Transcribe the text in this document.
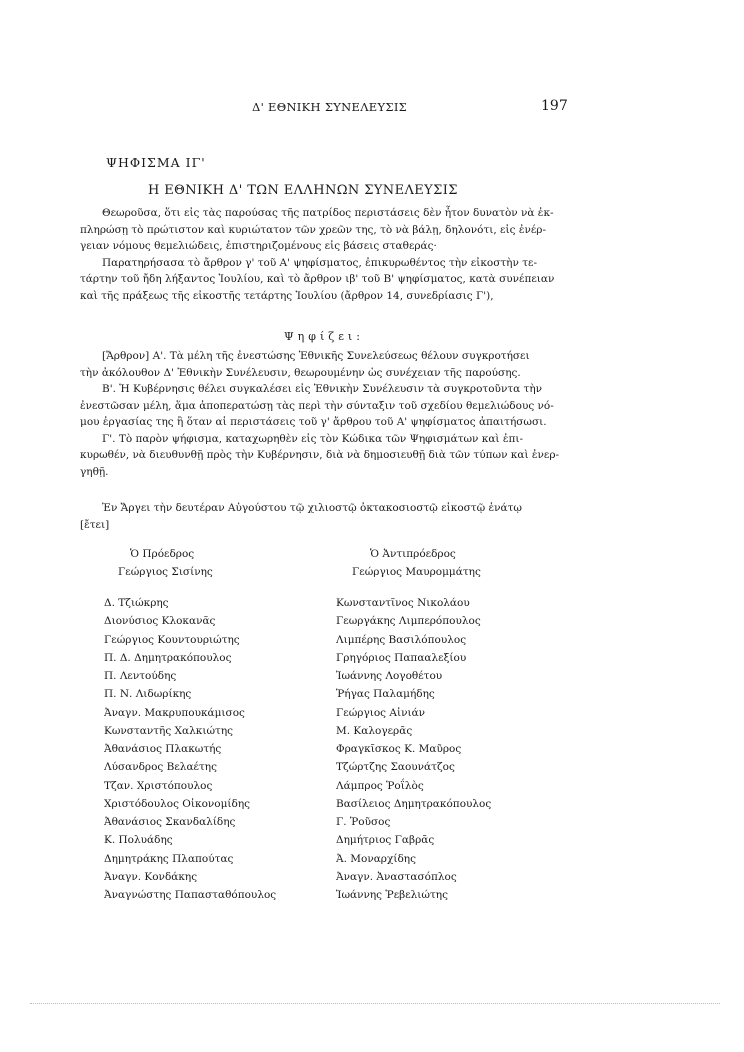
Δ' ΕΘΝΙΚΗ ΣΥΝΕΛΕΥΣΙΣ	197
ΨΗΦΙΣΜΑ ΙΓ'
Η ΕΘΝΙΚΗ Δ' ΤΩΝ ΕΛΛΗΝΩΝ ΣΥΝΕΛΕΥΣΙΣ
Θεωροῦσα, ὅτι εἰς τὰς παρούσας τῆς πατρίδος περιστάσεις δὲν ἦτον δυνατὸν νὰ ἐκ-
πληρώσῃ τὸ πρώτιστον καὶ κυριώτατον τῶν χρεῶν της, τὸ νὰ βάλῃ, δηλονότι, εἰς ἐνέρ-
γειαν νόμους θεμελιώδεις, ἐπιστηριζομένους εἰς βάσεις σταθεράς·
Παρατηρήσασα τὸ ἄρθρον γ' τοῦ Α' ψηφίσματος, ἐπικυρωθέντος τὴν εἰκοστὴν τε-
τάρτην τοῦ ἤδη λήξαντος Ἰουλίου, καὶ τὸ ἄρθρον ιβ' τοῦ Β' ψηφίσματος, κατὰ συνέπειαν
καὶ τῆς πράξεως τῆς εἰκοστῆς τετάρτης Ἰουλίου (ἄρθρον 14, συνεδρίασις Γ'),
Ψηφίζει:
[Ἄρθρον] Α'. Τὰ μέλη τῆς ἐνεστώσης Ἐθνικῆς Συνελεύσεως θέλουν συγκροτήσει
τὴν ἀκόλουθον Δ' Ἐθνικὴν Συνέλευσιν, θεωρουμένην ὡς συνέχειαν τῆς παρούσης.
Β'. Ἡ Κυβέρνησις θέλει συγκαλέσει εἰς Ἐθνικὴν Συνέλευσιν τὰ συγκροτοῦντα τὴν
ἐνεστῶσαν μέλη, ἅμα ἀποπερατώσῃ τὰς περὶ τὴν σύνταξιν τοῦ σχεδίου θεμελιώδους νό-
μου ἐργασίας της ἢ ὅταν αἱ περιστάσεις τοῦ γ' ἄρθρου τοῦ Α' ψηφίσματος ἀπαιτήσωσι.
Γ'. Τὸ παρὸν ψήφισμα, καταχωρηθὲν εἰς τὸν Κώδικα τῶν Ψηφισμάτων καὶ ἐπι-
κυρωθέν, νὰ διευθυνθῇ πρὸς τὴν Κυβέρνησιν, διὰ νὰ δημοσιευθῇ διὰ τῶν τύπων καὶ ἐνερ-
γηθῇ.
Ἐν Ἄργει τὴν δευτέραν Αὐγούστου τῷ χιλιοστῷ ὀκτακοσιοστῷ εἰκοστῷ ἐνάτῳ
[ἔτει]
Ὁ Πρόεδρος
Γεώργιος Σισίνης
Δ. Τζιώκρης
Διονύσιος Κλοκανᾶς
Γεώργιος Κουντουριώτης
Π. Δ. Δημητρακόπουλος
Π. Λεντούδης
Π. Ν. Λιδωρίκης
Ἀναγν. Μακρυπουκάμισος
Κωνσταντῆς Χαλκιώτης
Ἀθανάσιος Πλακωτής
Λύσανδρος Βελαέτης
Τζαν. Χριστόπουλος
Χριστόδουλος Οἰκονομίδης
Ἀθανάσιος Σκανδαλίδης
Κ. Πολυάδης
Δημητράκης Πλαπούτας
Ἀναγν. Κονδάκης
Ἀναγνώστης Παπασταθόπουλος
Ὁ Ἀντιπρόεδρος
Γεώργιος Μαυρομμάτης
Κωνσταντῖνος Νικολάου
Γεωργάκης Λιμπερόπουλος
Λιμπέρης Βασιλόπουλος
Γρηγόριος Παπααλεξίου
Ἰωάννης Λογοθέτου
Ῥήγας Παλαμήδης
Γεώργιος Αἰνιάν
Μ. Καλογερᾶς
Φραγκῖσκος Κ. Μαῦρος
Τζώρτζης Σαουνάτζος
Λάμπρος Ῥοΐλὸς
Βασίλειος Δημητρακόπουλος
Γ. Ῥοῦσος
Δημήτριος Γαβρᾶς
Ἀ. Μοναρχίδης
Ἀναγν. Ἀναστασόπλος
Ἰωάννης Ῥεβελιώτης
